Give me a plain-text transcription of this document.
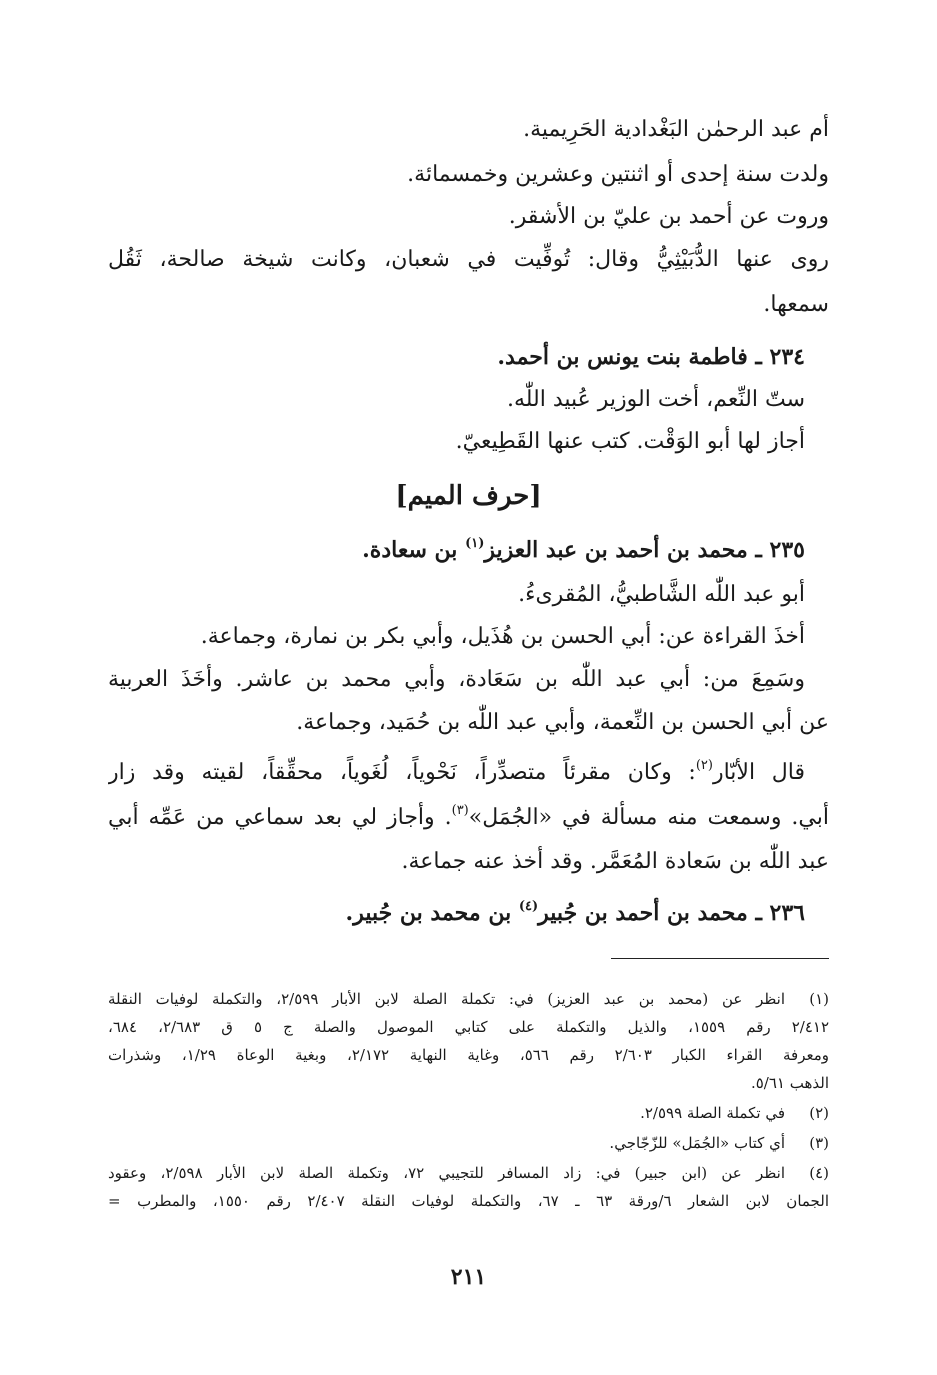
أم عبد الرحمٰن البَغْدادية الحَرِيمية.
ولدت سنة إحدى أو اثنتين وعشرين وخمسمائة.
وروت عن أحمد بن عليّ بن الأشقر.
روى عنها الدُّبَيْثِيُّ وقال: تُوفِّيت في شعبان، وكانت شيخة صالحة، ثَقُل
سمعها.
٢٣٤ ـ فاطمة بنت يونس بن أحمد.
ستّ النِّعم، أخت الوزير عُبيد اللّٰه.
أجاز لها أبو الوَقْت. كتب عنها القَطِيعيّ.
[حرف الميم]
٢٣٥ ـ محمد بن أحمد بن عبد العزيز$^{(١)}$ بن سعادة.
أبو عبد اللّٰه الشَّاطبيُّ، المُقرىءُ.
أخذَ القراءة عن: أبي الحسن بن هُذَيل، وأبي بكر بن نمارة، وجماعة.
وسَمِعَ من: أبي عبد اللّٰه بن سَعَادة، وأبي محمد بن عاشر. وأخَذَ العربية
عن أبي الحسن بن النِّعمة، وأبي عبد اللّٰه بن حُمَيد، وجماعة.
قال الأبّار$^{(٢)}$: وكان مقرئاً متصدِّراً، نَحْوياً، لُغَوياً، محقِّقاً، لقيته وقد زار
أبي. وسمعت منه مسألة في «الجُمَل»$^{(٣)}$. وأجاز لي بعد سماعي من عَمِّه أبي
عبد اللّٰه بن سَعادة المُعَمَّر. وقد أخذ عنه جماعة.
٢٣٦ ـ محمد بن أحمد بن جُبير$^{(٤)}$ بن محمد بن جُبير.
(١)
انظر عن (محمد بن عبد العزيز) في: تكملة الصلة لابن الأبار ٢/٥٩٩، والتكملة لوفيات النقلة
٢/٤١٢ رقم ١٥٥٩، والذيل والتكملة على كتابي الموصول والصلة ج ٥ ق ٢/٦٨٣، ٦٨٤،
ومعرفة القراء الكبار ٢/٦٠٣ رقم ٥٦٦، وغاية النهاية ٢/١٧٢، وبغية الوعاة ١/٢٩، وشذرات
الذهب ٥/٦١.
(٢)
في تكملة الصلة ٢/٥٩٩.
(٣)
أي كتاب «الجُمَل» للزّجّاجي.
(٤)
انظر عن (ابن جبير) في: زاد المسافر للتجيبي ٧٢، وتكملة الصلة لابن الأبار ٢/٥٩٨، وعقود
الجمان لابن الشعار ٦/ورقة ٦٣ ـ ٦٧، والتكملة لوفيات النقلة ٢/٤٠٧ رقم ١٥٥٠، والمطرب =
٢١١
